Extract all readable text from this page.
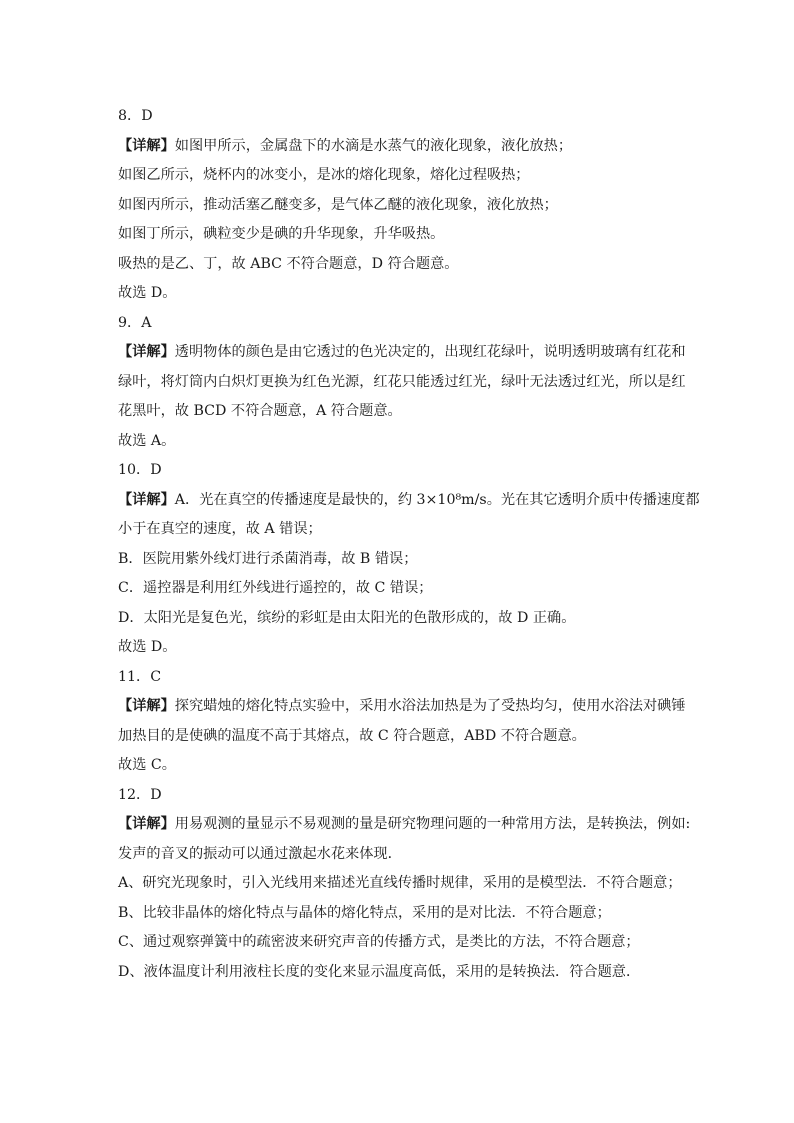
8．D
【详解】如图甲所示，金属盘下的水滴是水蒸气的液化现象，液化放热；
如图乙所示，烧杯内的冰变小，是冰的熔化现象，熔化过程吸热；
如图丙所示，推动活塞乙醚变多，是气体乙醚的液化现象，液化放热；
如图丁所示，碘粒变少是碘的升华现象，升华吸热。
吸热的是乙、丁，故 ABC 不符合题意，D 符合题意。
故选 D。
9．A
【详解】透明物体的颜色是由它透过的色光决定的，出现红花绿叶，说明透明玻璃有红花和
绿叶，将灯筒内白炽灯更换为红色光源，红花只能透过红光，绿叶无法透过红光，所以是红
花黑叶，故 BCD 不符合题意，A 符合题意。
故选 A。
10．D
【详解】A．光在真空的传播速度是最快的，约 3×10⁸m/s。光在其它透明介质中传播速度都
小于在真空的速度，故 A 错误；
B．医院用紫外线灯进行杀菌消毒，故 B 错误；
C．遥控器是利用红外线进行遥控的，故 C 错误；
D．太阳光是复色光，缤纷的彩虹是由太阳光的色散形成的，故 D 正确。
故选 D。
11．C
【详解】探究蜡烛的熔化特点实验中，采用水浴法加热是为了受热均匀，使用水浴法对碘锤
加热目的是使碘的温度不高于其熔点，故 C 符合题意，ABD 不符合题意。
故选 C。
12．D
【详解】用易观测的量显示不易观测的量是研究物理问题的一种常用方法，是转换法，例如:
发声的音叉的振动可以通过激起水花来体现．
A、研究光现象时，引入光线用来描述光直线传播时规律，采用的是模型法．不符合题意；
B、比较非晶体的熔化特点与晶体的熔化特点，采用的是对比法．不符合题意；
C、通过观察弹簧中的疏密波来研究声音的传播方式，是类比的方法，不符合题意；
D、液体温度计利用液柱长度的变化来显示温度高低，采用的是转换法．符合题意．
